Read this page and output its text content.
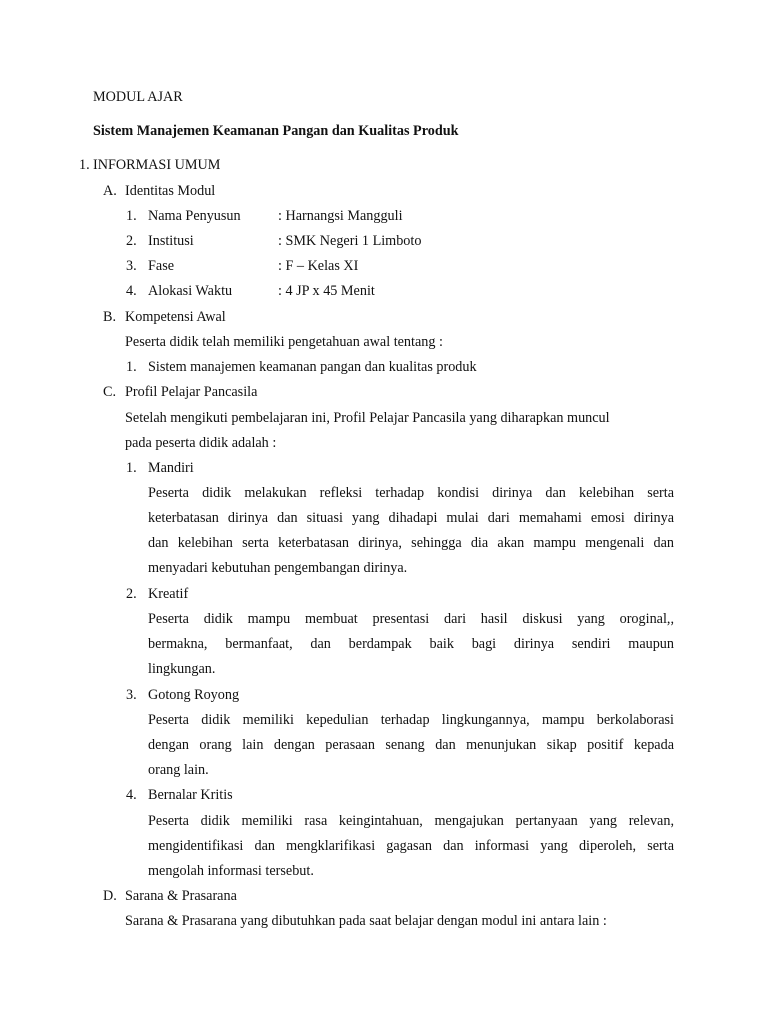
MODUL AJAR
Sistem Manajemen Keamanan Pangan dan Kualitas Produk
1. INFORMASI UMUM
A. Identitas Modul
1. Nama Penyusun	: Harnangsi Mangguli
2. Institusi	: SMK Negeri 1 Limboto
3. Fase	: F – Kelas XI
4. Alokasi Waktu	: 4 JP x 45 Menit
B. Kompetensi Awal
Peserta didik telah memiliki pengetahuan awal tentang :
1. Sistem manajemen keamanan pangan dan kualitas produk
C. Profil Pelajar Pancasila
Setelah mengikuti pembelajaran ini, Profil Pelajar Pancasila yang diharapkan muncul
pada peserta didik adalah :
1. Mandiri
Peserta didik melakukan refleksi terhadap kondisi dirinya dan kelebihan serta
keterbatasan dirinya dan situasi yang dihadapi mulai dari memahami emosi dirinya
dan kelebihan serta keterbatasan dirinya, sehingga dia akan mampu mengenali dan
menyadari kebutuhan pengembangan dirinya.
2. Kreatif
Peserta didik mampu membuat presentasi dari hasil diskusi yang oroginal,,
bermakna, bermanfaat, dan berdampak baik bagi dirinya sendiri maupun
lingkungan.
3. Gotong Royong
Peserta didik memiliki kepedulian terhadap lingkungannya, mampu berkolaborasi
dengan orang lain dengan perasaan senang dan menunjukan sikap positif kepada
orang lain.
4. Bernalar Kritis
Peserta didik memiliki rasa keingintahuan, mengajukan pertanyaan yang relevan,
mengidentifikasi dan mengklarifikasi gagasan dan informasi yang diperoleh, serta
mengolah informasi tersebut.
D. Sarana & Prasarana
Sarana & Prasarana yang dibutuhkan pada saat belajar dengan modul ini antara lain :
